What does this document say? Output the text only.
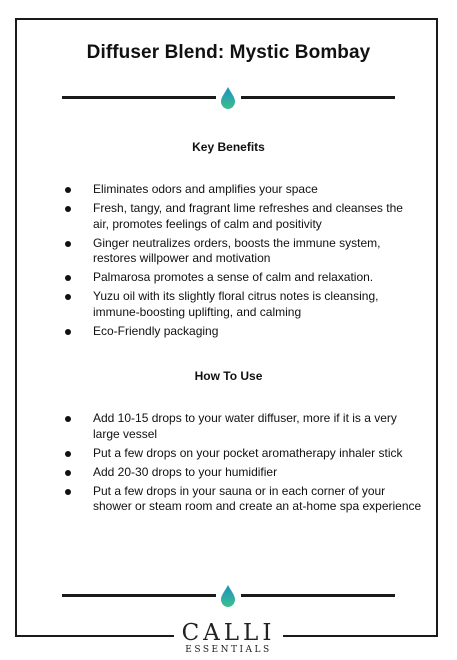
Diffuser Blend: Mystic Bombay
Key Benefits
Eliminates odors and amplifies your space
Fresh, tangy, and fragrant lime refreshes and cleanses the air, promotes feelings of calm and positivity
Ginger neutralizes orders, boosts the immune system, restores willpower and motivation
Palmarosa promotes a sense of calm and relaxation.
Yuzu oil with its slightly floral citrus notes is cleansing, immune-boosting uplifting, and calming
Eco-Friendly packaging
How To Use
Add 10-15 drops to your water diffuser, more if it is a very large vessel
Put a few drops on your pocket aromatherapy inhaler stick
Add 20-30 drops to your humidifier
Put a few drops in your sauna or in each corner of your shower or steam room and create an at-home spa experience
CALLI
ESSENTIALS
